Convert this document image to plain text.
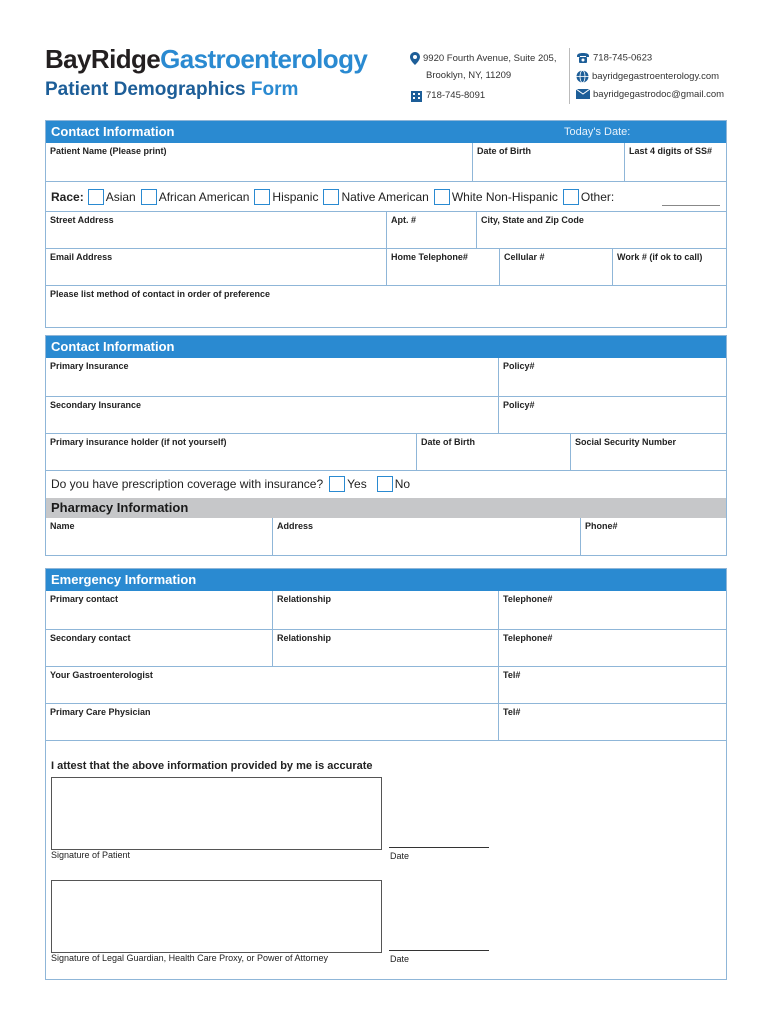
BayRidgeGastroenterology
Patient Demographics Form
9920 Fourth Avenue, Suite 205,
Brooklyn, NY, 11209
718-745-8091
718-745-0623
bayridgegastroenterology.com
bayridgegastrodoc@gmail.com
Contact Information	Today's Date:
Patient Name (Please print)	Date of Birth	Last 4 digits of SS#
Race: Asian African American Hispanic Native American White Non-Hispanic Other:
Street Address	Apt. #	City, State and Zip Code
Email Address	Home Telephone#	Cellular #	Work # (if ok to call)
Please list method of contact in order of preference
Contact Information
Primary Insurance	Policy#
Secondary Insurance	Policy#
Primary insurance holder (if not yourself)	Date of Birth	Social Security Number
Do you have prescription coverage with insurance? Yes No
Pharmacy Information
Name	Address	Phone#
Emergency Information
Primary contact	Relationship	Telephone#
Secondary contact	Relationship	Telephone#
Your Gastroenterologist	Tel#
Primary Care Physician	Tel#
I attest that the above information provided by me is accurate
Signature of Patient	Date
Signature of Legal Guardian, Health Care Proxy, or Power of Attorney	Date
